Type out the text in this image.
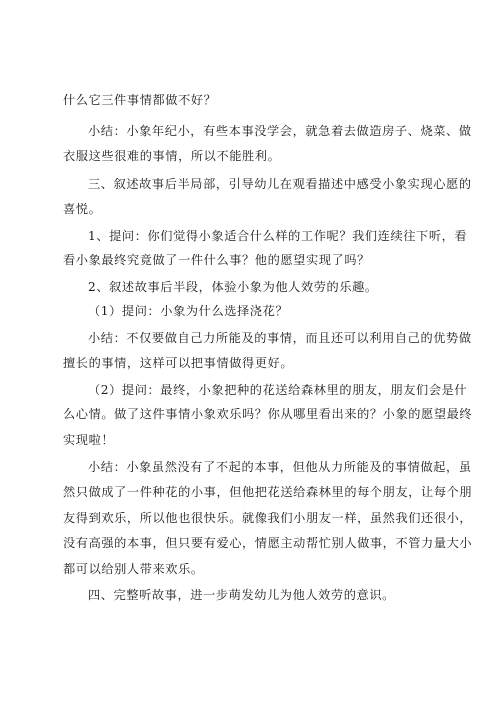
什么它三件事情都做不好？
小结：小象年纪小，有些本事没学会，就急着去做造房子、烧菜、做
衣服这些很难的事情，所以不能胜利。
三、叙述故事后半局部，引导幼儿在观看描述中感受小象实现心愿的
喜悦。
1、提问：你们觉得小象适合什么样的工作呢？我们连续往下听，看
看小象最终究竟做了一件什么事？他的愿望实现了吗？
2、叙述故事后半段，体验小象为他人效劳的乐趣。
（1）提问：小象为什么选择浇花？
小结：不仅要做自己力所能及的事情，而且还可以利用自己的优势做
擅长的事情，这样可以把事情做得更好。
（2）提问：最终，小象把种的花送给森林里的朋友，朋友们会是什
么心情。做了这件事情小象欢乐吗？你从哪里看出来的？小象的愿望最终
实现啦！
小结：小象虽然没有了不起的本事，但他从力所能及的事情做起，虽
然只做成了一件种花的小事，但他把花送给森林里的每个朋友，让每个朋
友得到欢乐，所以他也很快乐。就像我们小朋友一样，虽然我们还很小，
没有高强的本事，但只要有爱心，情愿主动帮忙别人做事，不管力量大小
都可以给别人带来欢乐。
四、完整听故事，进一步萌发幼儿为他人效劳的意识。
